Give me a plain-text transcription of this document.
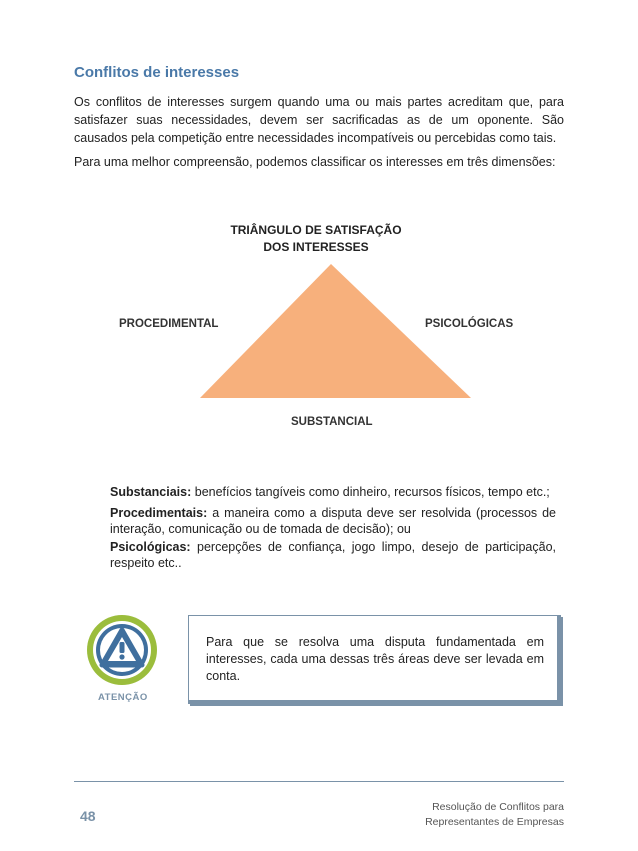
Conflitos de interesses
Os conflitos de interesses surgem quando uma ou mais partes acreditam que, para satisfazer suas necessidades, devem ser sacrificadas as de um oponente. São causados pela competição entre necessidades incompatíveis ou percebidas como tais.
Para uma melhor compreensão, podemos classificar os interesses em três dimensões:
TRIÂNGULO DE SATISFAÇÃO
DOS INTERESSES
PROCEDIMENTAL	PSICOLÓGICAS
SUBSTANCIAL
Substanciais: benefícios tangíveis como dinheiro, recursos físicos, tempo etc.;
Procedimentais: a maneira como a disputa deve ser resolvida (processos de interação, comunicação ou de tomada de decisão); ou
Psicológicas: percepções de confiança, jogo limpo, desejo de participação, respeito etc..
ATENÇÃO
Para que se resolva uma disputa fundamentada em interesses, cada uma dessas três áreas deve ser levada em conta.
48
Resolução de Conflitos para
Representantes de Empresas
